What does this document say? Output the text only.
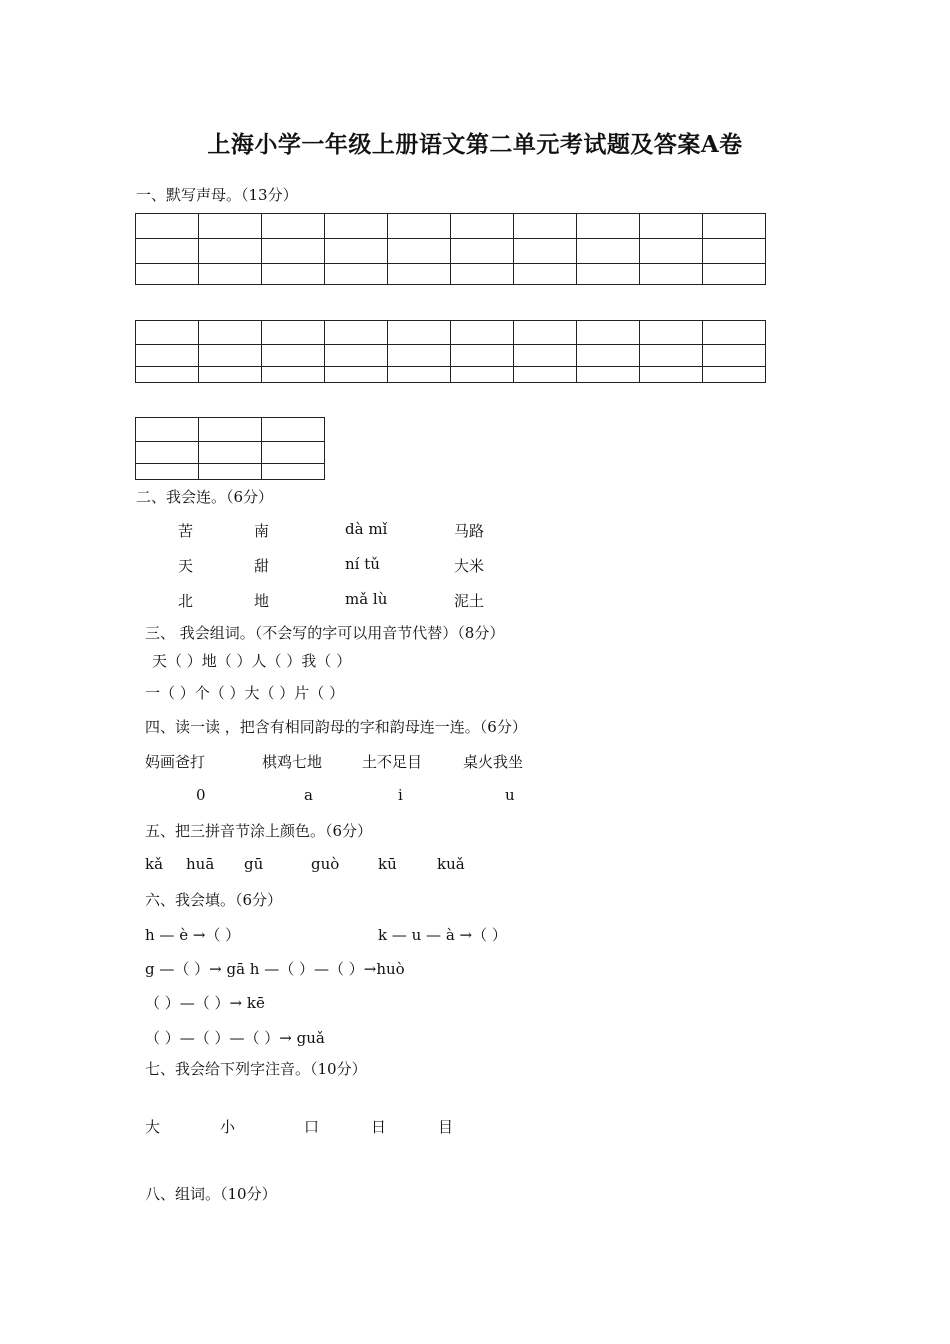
上海小学一年级上册语文第二单元考试题及答案A卷
一、默写声母。（13分）

二、我会连。（6分）
苦	南	dà mǐ	马路
天	甜	ní tǔ	大米
北	地	mǎ lù	泥土
三、 我会组词。（不会写的字可以用音节代替）（8分）
天（ ）地（ ）人（ ）我（ ）
一（ ）个（ ）大（ ）片（ ）
四、读一读 ，把含有相同韵母的字和韵母连一连。（6分）
妈画爸打	棋鸡七地	土不足目	桌火我坐
0	a	i	u
五、把三拼音节涂上颜色。（6分）
kǎ huā gū	guò	kū	kuǎ
六、我会填。（6分）
h — è →（ ）	k — u — à →（ ）
g —（ ）→ gā h —（ ）—（ ）→huò
（ ）—（ ）→ kē
（ ）—（ ）—（ ）→ guǎ
七、我会给下列字注音。（10分）
大	小	口	日	目
八、组词。（10分）
